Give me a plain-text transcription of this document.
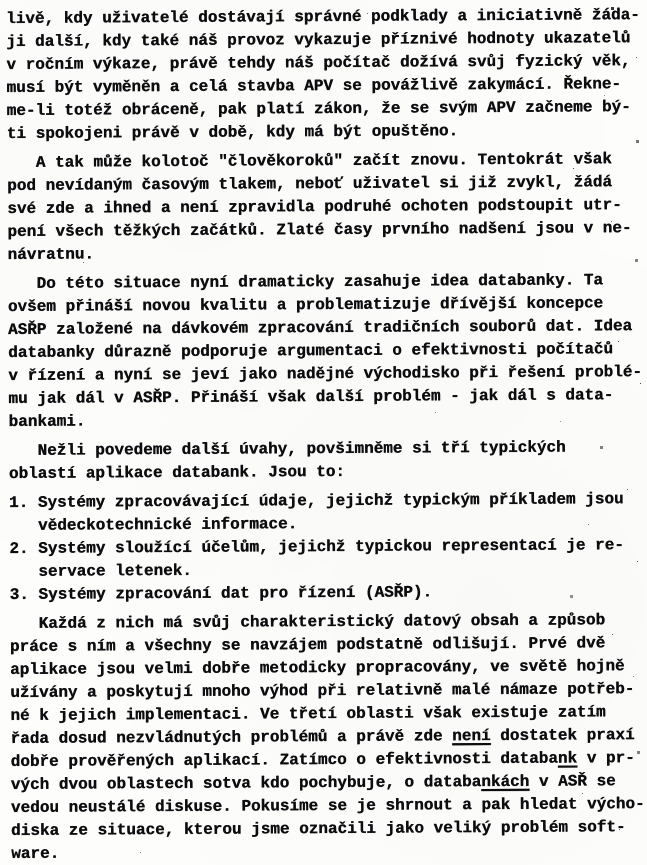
livě, kdy uživatelé dostávají správné podklady a iniciativně žáda-
ji další, kdy také náš provoz vykazuje příznivé hodnoty ukazatelů
v ročním výkaze, právě tehdy náš počítač dožívá svůj fyzický věk,
musí být vyměněn a celá stavba APV se povážlivě zakymácí. Řekne-
me-li totéž obráceně, pak platí zákon, že se svým APV začneme bý-
ti spokojeni právě v době, kdy má být opuštěno.
A tak může kolotoč "člověkoroků" začít znovu. Tentokrát však
pod nevídaným časovým tlakem, neboť uživatel si již zvykl, žádá
své zde a ihned a není zpravidla podruhé ochoten podstoupit utr-
pení všech těžkých začátků. Zlaté časy prvního nadšení jsou v ne-
návratnu.
Do této situace nyní dramaticky zasahuje idea databanky. Ta
ovšem přináší novou kvalitu a problematizuje dřívější koncepce
ASŘP založené na dávkovém zpracování tradičních souborů dat. Idea
databanky důrazně podporuje argumentaci o efektivnosti počítačů
v řízení a nyní se jeví jako nadějné východisko při řešení problé-
mu jak dál v ASŘP. Přináší však další problém - jak dál s data-
bankami.
Nežli povedeme další úvahy, povšimněme si tří typických
oblastí aplikace databank. Jsou to:
1. Systémy zpracovávající údaje, jejichž typickým příkladem jsou
vědeckotechnické informace.
2. Systémy sloužící účelům, jejichž typickou representací je re-
servace letenek.
3. Systémy zpracování dat pro řízení (ASŘP).
Každá z nich má svůj charakteristický datový obsah a způsob
práce s ním a všechny se navzájem podstatně odlišují. Prvé dvě
aplikace jsou velmi dobře metodicky propracovány, ve světě hojně
užívány a poskytují mnoho výhod při relativně malé námaze potřeb-
né k jejich implementaci. Ve třetí oblasti však existuje zatím
řada dosud nezvládnutých problémů a právě zde není dostatek praxí
dobře prověřených aplikací. Zatímco o efektivnosti databank v pr-
vých dvou oblastech sotva kdo pochybuje, o databankách v ASŘ se
vedou neustálé diskuse. Pokusíme se je shrnout a pak hledat výcho-
diska ze situace, kterou jsme označili jako veliký problém soft-
ware.
